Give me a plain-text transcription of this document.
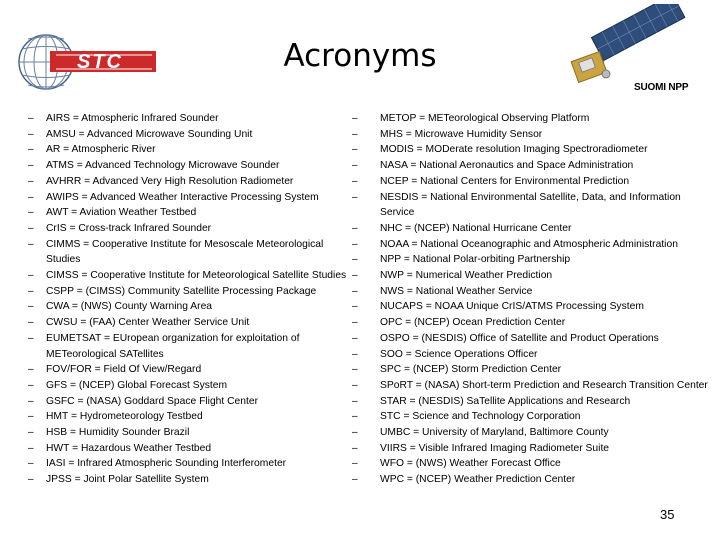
STC	Acronyms
SUOMI NPP
–	AIRS = Atmospheric Infrared Sounder
–	AMSU = Advanced Microwave Sounding Unit
–	AR = Atmospheric River
–	ATMS = Advanced Technology Microwave Sounder
–	AVHRR = Advanced Very High Resolution Radiometer
–	AWIPS = Advanced Weather Interactive Processing System
–	AWT = Aviation Weather Testbed
–	CrIS = Cross-track Infrared Sounder
–	CIMMS = Cooperative Institute for Mesoscale Meteorological Studies
–	CIMSS = Cooperative Institute for Meteorological Satellite Studies
–	CSPP = (CIMSS) Community Satellite Processing Package
–	CWA = (NWS) County Warning Area
–	CWSU = (FAA) Center Weather Service Unit
–	EUMETSAT = EUropean organization for exploitation of METeorological SATellites
–	FOV/FOR = Field Of View/Regard
–	GFS = (NCEP) Global Forecast System
–	GSFC = (NASA) Goddard Space Flight Center
–	HMT = Hydrometeorology Testbed
–	HSB = Humidity Sounder Brazil
–	HWT = Hazardous Weather Testbed
–	IASI = Infrared Atmospheric Sounding Interferometer
–	JPSS = Joint Polar Satellite System
–	METOP = METeorological Observing Platform
–	MHS = Microwave Humidity Sensor
–	MODIS = MODerate resolution Imaging Spectroradiometer
–	NASA = National Aeronautics and Space Administration
–	NCEP = National Centers for Environmental Prediction
–	NESDIS = National Environmental Satellite, Data, and Information Service
–	NHC = (NCEP) National Hurricane Center
–	NOAA = National Oceanographic and Atmospheric Administration
–	NPP = National Polar-orbiting Partnership
–	NWP = Numerical Weather Prediction
–	NWS = National Weather Service
–	NUCAPS = NOAA Unique CrIS/ATMS Processing System
–	OPC = (NCEP) Ocean Prediction Center
–	OSPO = (NESDIS) Office of Satellite and Product Operations
–	SOO = Science Operations Officer
–	SPC = (NCEP) Storm Prediction Center
–	SPoRT = (NASA) Short-term Prediction and Research Transition Center
–	STAR = (NESDIS) SaTellite Applications and Research
–	STC = Science and Technology Corporation
–	UMBC = University of Maryland, Baltimore County
–	VIIRS = Visible Infrared Imaging Radiometer Suite
–	WFO = (NWS) Weather Forecast Office
–	WPC = (NCEP) Weather Prediction Center
35
